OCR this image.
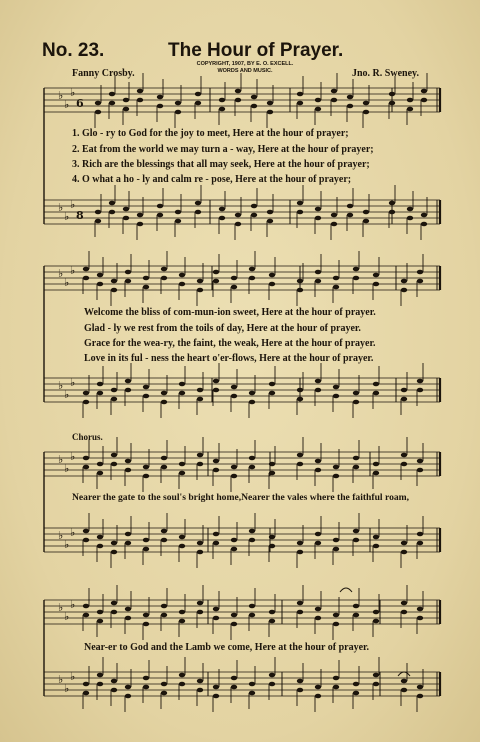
♭
♭
♭
♭
♭
♭
6
8
♭
♭
♭
♭
♭
♭
♭
♭
♭
♭
♭
♭
♭
♭
♭
♭
♭
♭
No. 23.	The Hour of Prayer.
Fanny Crosby.
COPYRIGHT, 1907, BY E. O. EXCELL.
WORDS AND MUSIC.	Jno. R. Sweney.
1. Glo - ry to God for the joy to meet, Here at the hour of prayer;
2. Eat from the world we may turn a - way, Here at the hour of prayer;
3. Rich are the blessings that all may seek, Here at the hour of prayer;
4. O what a ho - ly and calm re - pose, Here at the hour of prayer;
Welcome the bliss of com-mun-ion sweet, Here at the hour of prayer.
Glad - ly we rest from the toils of day, Here at the hour of prayer.
Grace for the wea-ry, the faint, the weak, Here at the hour of prayer.
Love in its ful - ness the heart o'er-flows, Here at the hour of prayer.
Chorus.
Nearer the gate to the soul's bright home,Nearer the vales where the faithful roam,
Near-er to God and the Lamb we come, Here at the hour of prayer.
